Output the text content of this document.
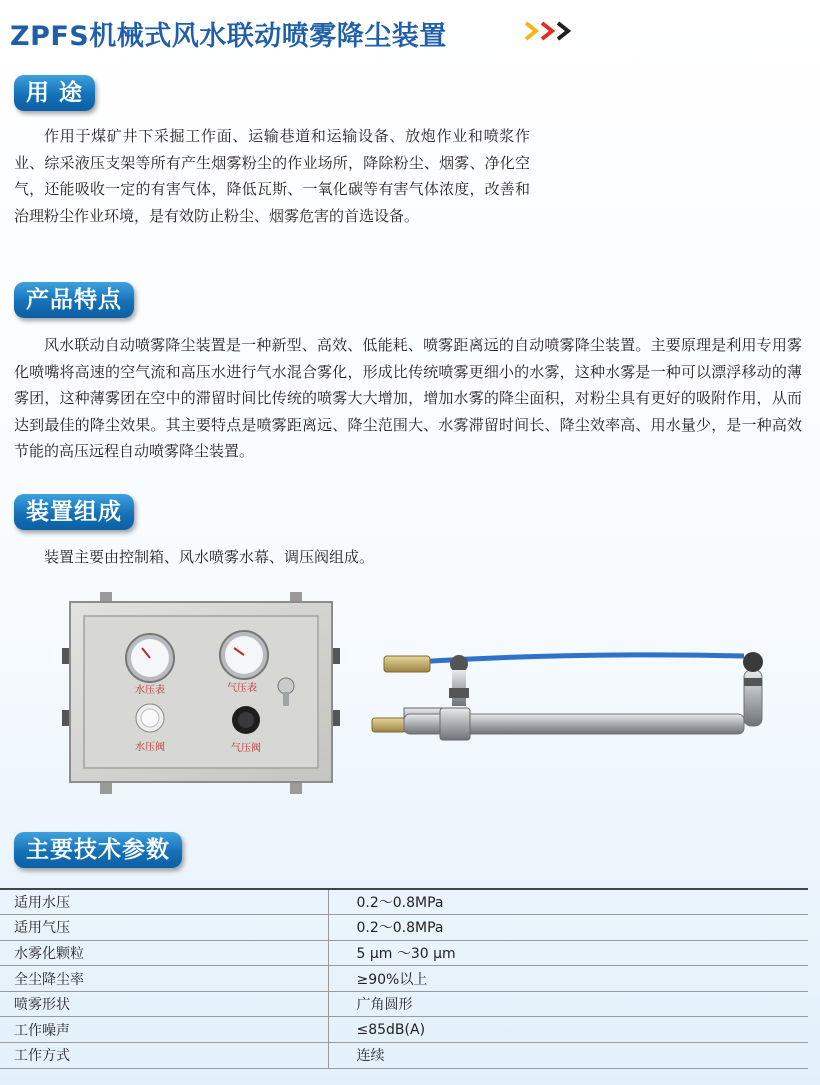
ZPFS机械式风水联动喷雾降尘装置
用 途

作用于煤矿井下采掘工作面、运输巷道和运输设备、放炮作业和喷浆作业、综采液压支架等所有产生烟雾粉尘的作业场所，降除粉尘、烟雾、净化空气，还能吸收一定的有害气体，降低瓦斯、一氧化碳等有害气体浓度，改善和治理粉尘作业环境，是有效防止粉尘、烟雾危害的首选设备。

产品特点

风水联动自动喷雾降尘装置是一种新型、高效、低能耗、喷雾距离远的自动喷雾降尘装置。主要原理是利用专用雾化喷嘴将高速的空气流和高压水进行气水混合雾化，形成比传统喷雾更细小的水雾，这种水雾是一种可以漂浮移动的薄雾团，这种薄雾团在空中的滞留时间比传统的喷雾大大增加，增加水雾的降尘面积，对粉尘具有更好的吸附作用，从而达到最佳的降尘效果。其主要特点是喷雾距离远、降尘范围大、水雾滞留时间长、降尘效率高、用水量少，是一种高效节能的高压远程自动喷雾降尘装置。

装置组成

装置主要由控制箱、风水喷雾水幕、调压阀组成。

水压表	气压表
水压阀	气压阀
主要技术参数
适用水压	0.2～0.8MPa
适用气压	0.2～0.8MPa
水雾化颗粒	5 μm ～30 μm
全尘降尘率	≥90%以上
喷雾形状	广角圆形
工作噪声	≤85dB(A)
工作方式	连续
